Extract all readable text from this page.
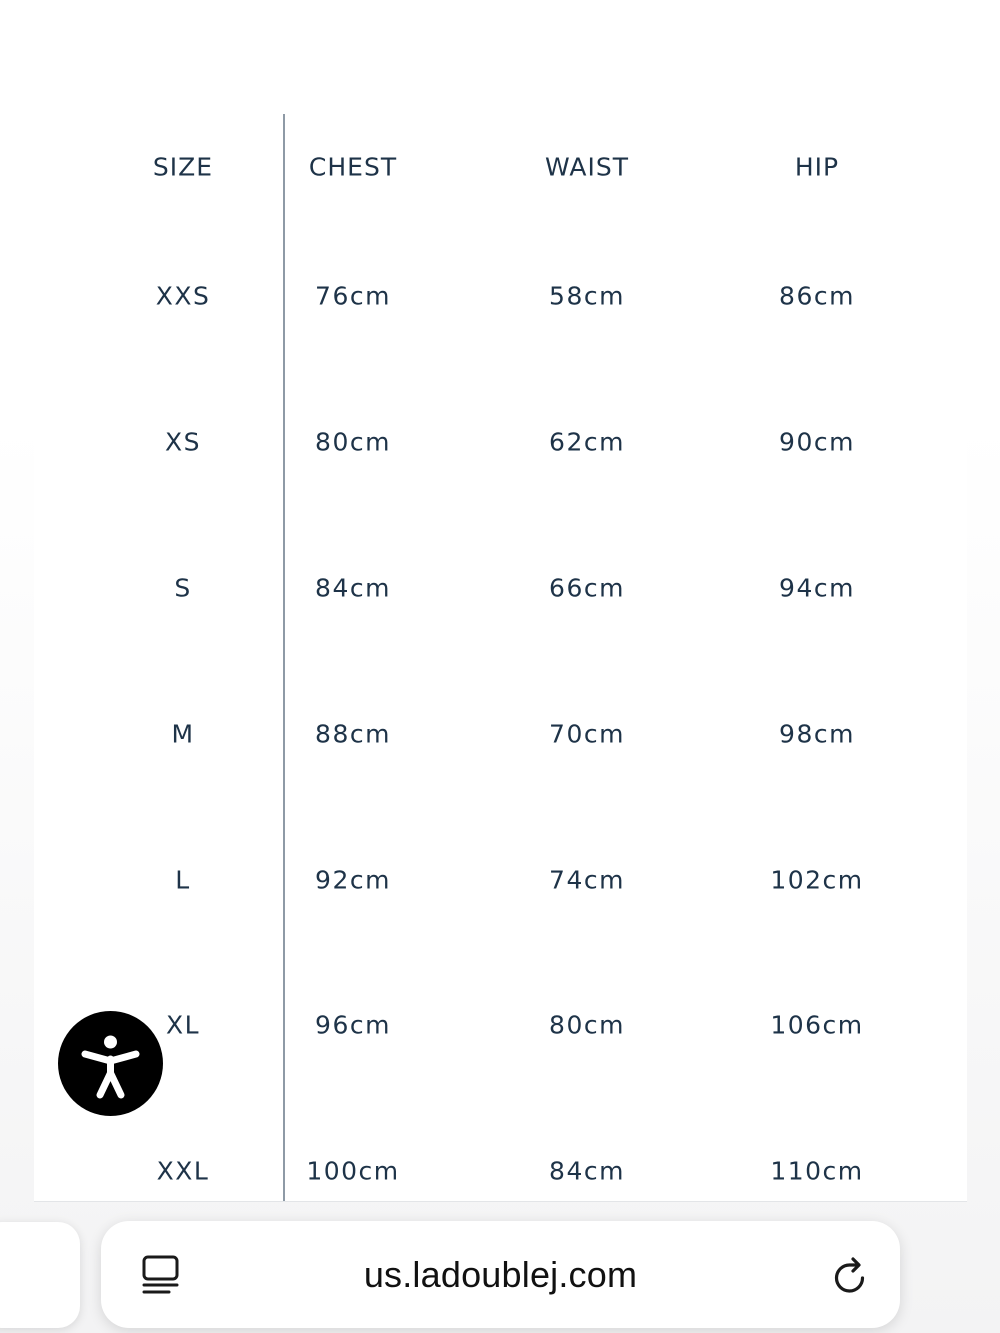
SIZE	CHEST	WAIST	HIP
XXS	76cm	58cm	86cm
XS	80cm	62cm	90cm
S	84cm	66cm	94cm
M	88cm	70cm	98cm
L	92cm	74cm	102cm
XL	96cm	80cm	106cm
XXL	100cm	84cm	110cm
us.ladoublej.com
